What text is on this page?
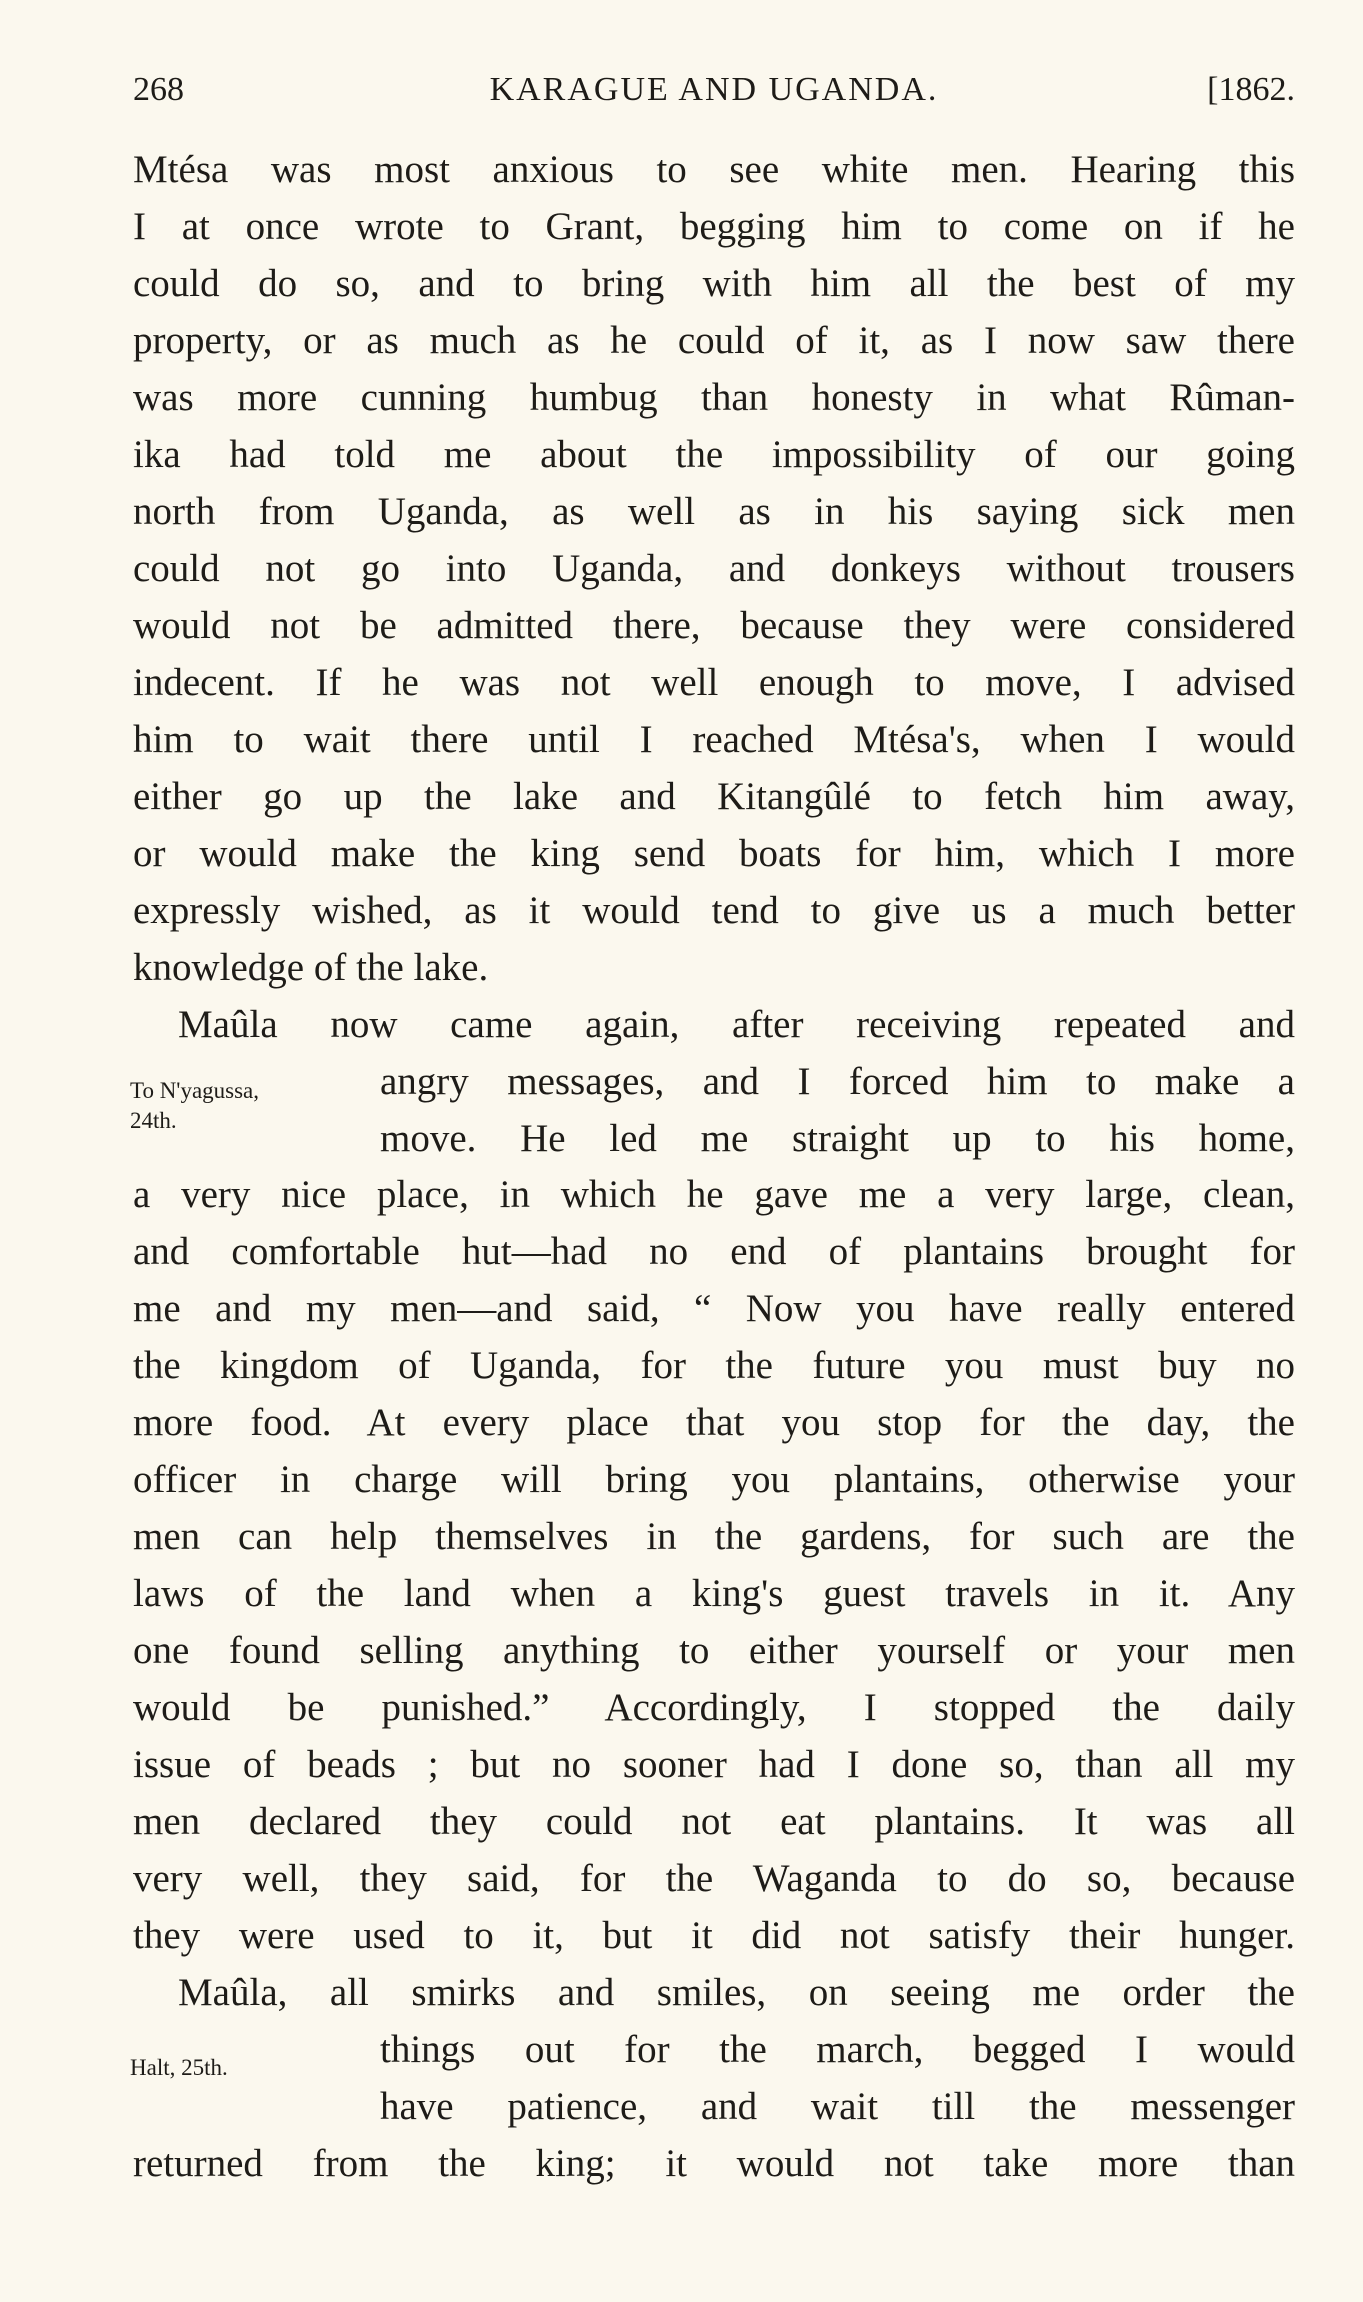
268	KARAGUE AND UGANDA.	[1862.
Mtésa was most anxious to see white men. Hearing this
I at once wrote to Grant, begging him to come on if he
could do so, and to bring with him all the best of my
property, or as much as he could of it, as I now saw there
was more cunning humbug than honesty in what Rûman-
ika had told me about the impossibility of our going
north from Uganda, as well as in his saying sick men
could not go into Uganda, and donkeys without trousers
would not be admitted there, because they were considered
indecent. If he was not well enough to move, I advised
him to wait there until I reached Mtésa's, when I would
either go up the lake and Kitangûlé to fetch him away,
or would make the king send boats for him, which I more
expressly wished, as it would tend to give us a much better
knowledge of the lake.
Maûla now came again, after receiving repeated and
angry messages, and I forced him to make a
move. He led me straight up to his home,
a very nice place, in which he gave me a very large, clean,
and comfortable hut—had no end of plantains brought for
me and my men—and said, “ Now you have really entered
the kingdom of Uganda, for the future you must buy no
more food. At every place that you stop for the day, the
officer in charge will bring you plantains, otherwise your
men can help themselves in the gardens, for such are the
laws of the land when a king's guest travels in it. Any
one found selling anything to either yourself or your men
would be punished.” Accordingly, I stopped the daily
issue of beads ; but no sooner had I done so, than all my
men declared they could not eat plantains. It was all
very well, they said, for the Waganda to do so, because
they were used to it, but it did not satisfy their hunger.
Maûla, all smirks and smiles, on seeing me order the
things out for the march, begged I would
have patience, and wait till the messenger
returned from the king; it would not take more than
To N'yagussa,
24th.
Halt, 25th.
